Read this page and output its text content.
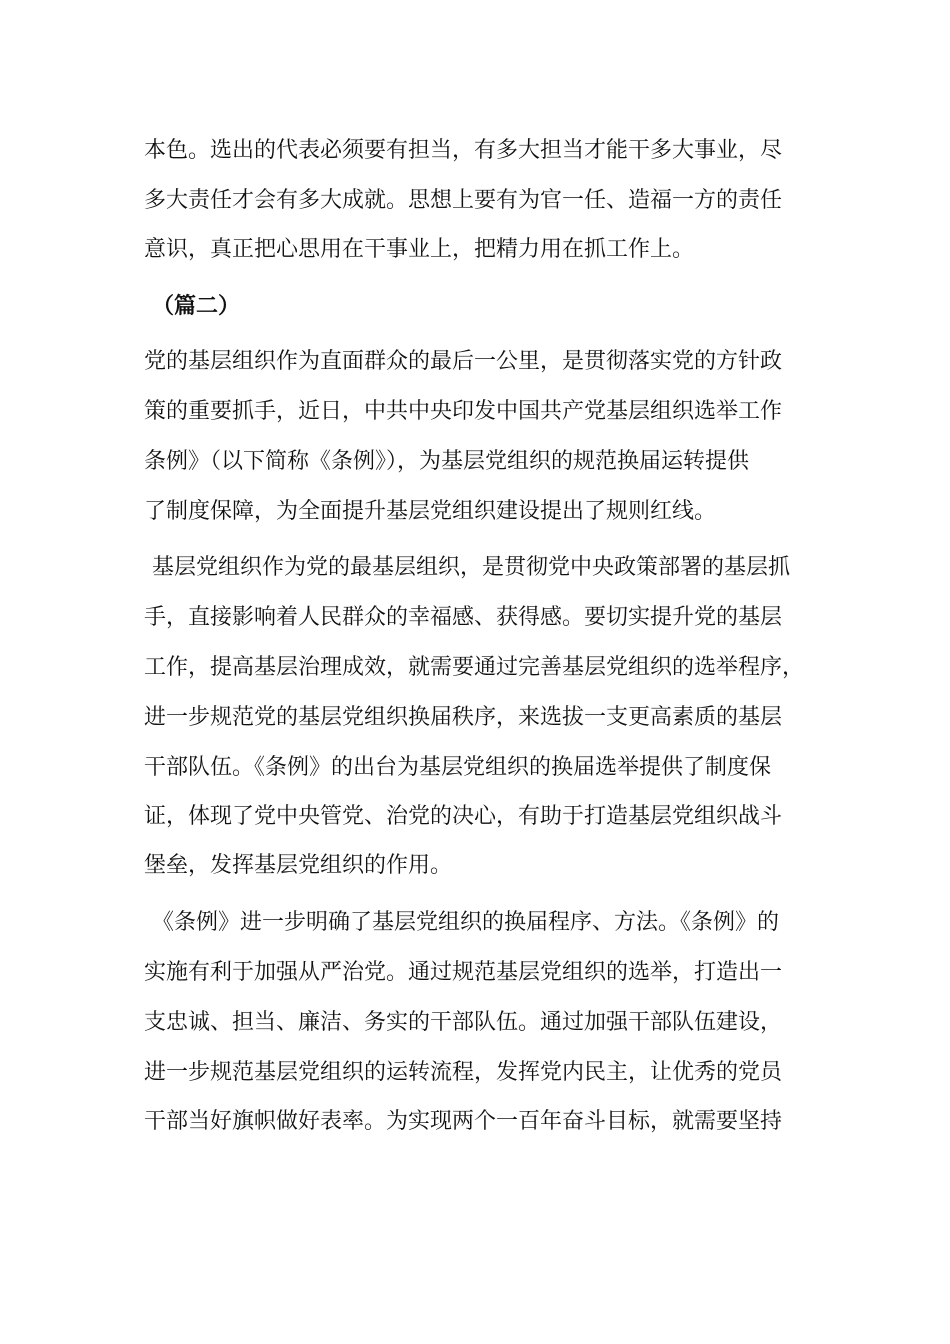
本色。选出的代表必须要有担当，有多大担当才能干多大事业，尽
多大责任才会有多大成就。思想上要有为官一任、造福一方的责任
意识，真正把心思用在干事业上，把精力用在抓工作上。
（篇二）
党的基层组织作为直面群众的最后一公里，是贯彻落实党的方针政
策的重要抓手，近日，中共中央印发中国共产党基层组织选举工作
条例》（以下简称《条例》），为基层党组织的规范换届运转提供
了制度保障，为全面提升基层党组织建设提出了规则红线。
基层党组织作为党的最基层组织，是贯彻党中央政策部署的基层抓
手，直接影响着人民群众的幸福感、获得感。要切实提升党的基层
工作，提高基层治理成效，就需要通过完善基层党组织的选举程序，
进一步规范党的基层党组织换届秩序，来选拔一支更高素质的基层
干部队伍。《条例》的出台为基层党组织的换届选举提供了制度保
证，体现了党中央管党、治党的决心，有助于打造基层党组织战斗
堡垒，发挥基层党组织的作用。
《条例》进一步明确了基层党组织的换届程序、方法。《条例》的
实施有利于加强从严治党。通过规范基层党组织的选举，打造出一
支忠诚、担当、廉洁、务实的干部队伍。通过加强干部队伍建设，
进一步规范基层党组织的运转流程，发挥党内民主，让优秀的党员
干部当好旗帜做好表率。为实现两个一百年奋斗目标，就需要坚持
